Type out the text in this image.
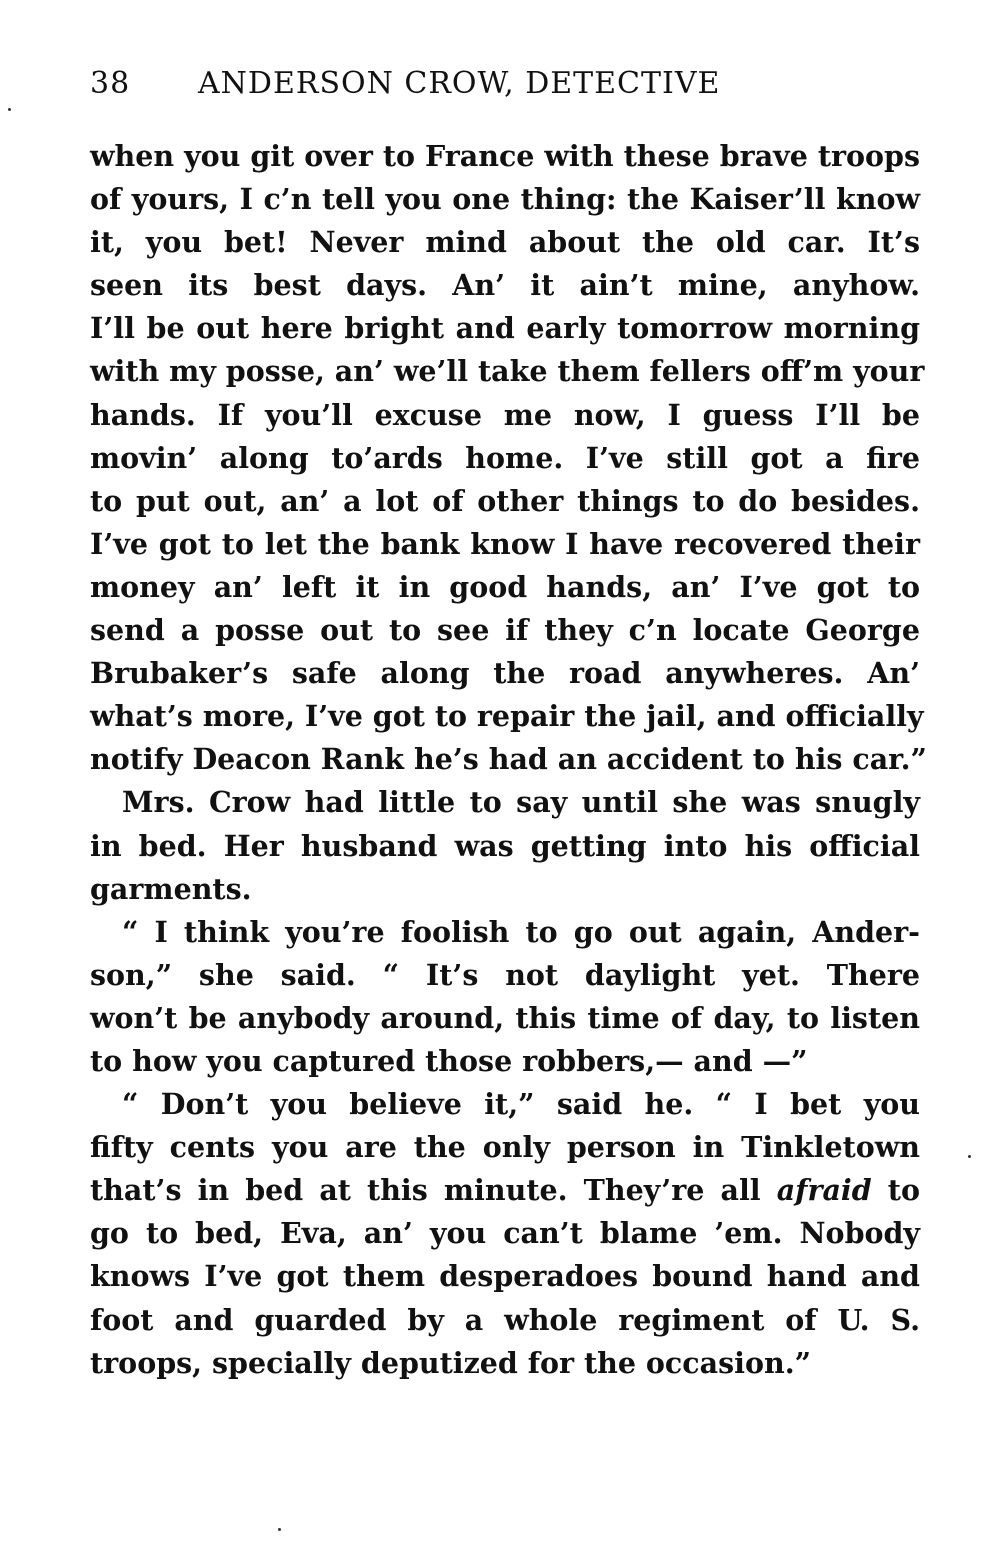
38 ANDERSON CROW, DETECTIVE
when you git over to France with these brave troops
of yours, I c’n tell you one thing: the Kaiser’ll know
it, you bet! Never mind about the old car. It’s
seen its best days. An’ it ain’t mine, anyhow.
I’ll be out here bright and early tomorrow morning
with my posse, an’ we’ll take them fellers off’m your
hands. If you’ll excuse me now, I guess I’ll be
movin’ along to’ards home. I’ve still got a fire
to put out, an’ a lot of other things to do besides.
I’ve got to let the bank know I have recovered their
money an’ left it in good hands, an’ I’ve got to
send a posse out to see if they c’n locate George
Brubaker’s safe along the road anywheres. An’
what’s more, I’ve got to repair the jail, and officially
notify Deacon Rank he’s had an accident to his car.”
Mrs. Crow had little to say until she was snugly
in bed. Her husband was getting into his official
garments.
“ I think you’re foolish to go out again, Ander-
son,” she said. “ It’s not daylight yet. There
won’t be anybody around, this time of day, to listen
to how you captured those robbers,— and —”
“ Don’t you believe it,” said he. “ I bet you
fifty cents you are the only person in Tinkletown
that’s in bed at this minute. They’re all afraid to
go to bed, Eva, an’ you can’t blame ’em. Nobody
knows I’ve got them desperadoes bound hand and
foot and guarded by a whole regiment of U. S.
troops, specially deputized for the occasion.”
